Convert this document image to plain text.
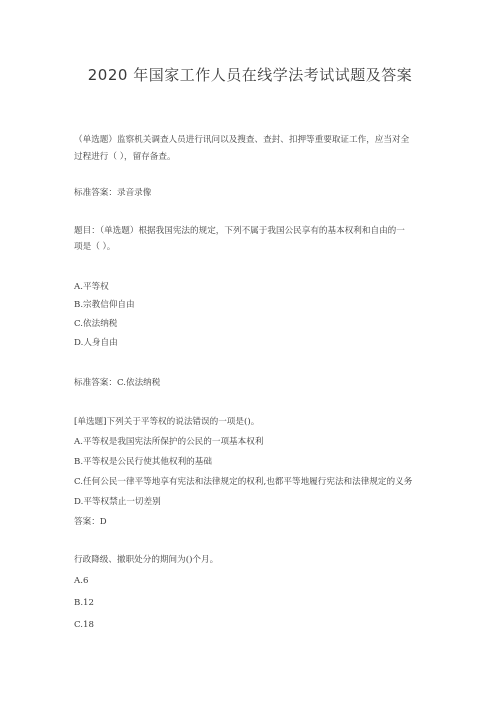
2020 年国家工作人员在线学法考试试题及答案
（单选题）监察机关调查人员进行讯问以及搜查、查封、扣押等重要取证工作，应当对全
过程进行（ ），留存备查。
标准答案：录音录像
题目：（单选题）根据我国宪法的规定，下列不属于我国公民享有的基本权利和自由的一
项是（ ）。
A.平等权
B.宗教信仰自由
C.依法纳税
D.人身自由
标准答案：C.依法纳税
[单选题]下列关于平等权的说法错误的一项是()。
A.平等权是我国宪法所保护的公民的一项基本权利
B.平等权是公民行使其他权利的基础
C.任何公民一律平等地享有宪法和法律规定的权利,也都平等地履行宪法和法律规定的义务
D.平等权禁止一切差别
答案：D
行政降级、撤职处分的期间为()个月。
A.6
B.12
C.18
